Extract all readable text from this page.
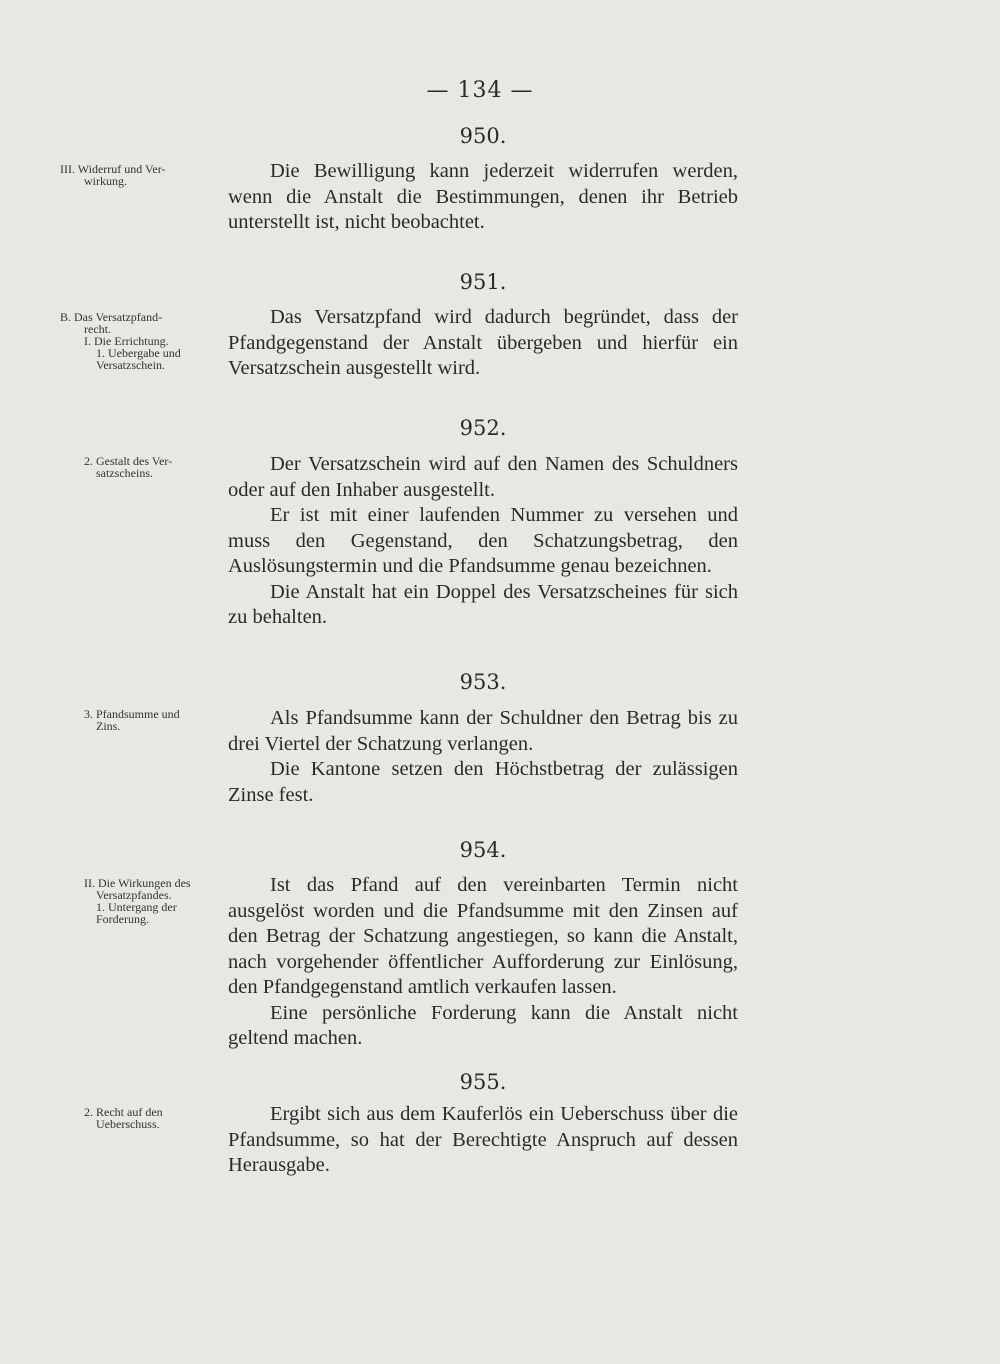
— 134 —
950.
III. Widerruf und Ver-
wirkung.	Die Bewilligung kann jederzeit widerrufen werden, wenn die Anstalt die Bestimmungen, denen ihr Betrieb unterstellt ist, nicht beobachtet.

951.
B. Das Versatzpfand-
recht.
I. Die Errichtung.
1. Uebergabe und
Versatzschein.

Das Versatzpfand wird dadurch begründet, dass der Pfandgegenstand der Anstalt übergeben und hierfür ein Versatzschein ausgestellt wird.

952.
2. Gestalt des Ver-
satzscheins.	Der Versatzschein wird auf den Namen des Schuldners oder auf den Inhaber ausgestellt.

Er ist mit einer laufenden Nummer zu versehen und muss den Gegenstand, den Schatzungsbetrag, den Auslösungstermin und die Pfandsumme genau bezeichnen.

Die Anstalt hat ein Doppel des Versatzscheines für sich zu behalten.

953.
3. Pfandsumme und
Zins.	Als Pfandsumme kann der Schuldner den Betrag bis zu drei Viertel der Schatzung verlangen.

Die Kantone setzen den Höchstbetrag der zulässigen Zinse fest.

954.
II. Die Wirkungen des
Versatzpfandes.
1. Untergang der
Forderung.

Ist das Pfand auf den vereinbarten Termin nicht ausgelöst worden und die Pfandsumme mit den Zinsen auf den Betrag der Schatzung angestiegen, so kann die Anstalt, nach vorgehender öffentlicher Aufforderung zur Einlösung, den Pfandgegenstand amtlich verkaufen lassen.

Eine persönliche Forderung kann die Anstalt nicht geltend machen.

955.
2. Recht auf den
Ueberschuss.	Ergibt sich aus dem Kauferlös ein Ueberschuss über die Pfandsumme, so hat der Berechtigte Anspruch auf dessen Herausgabe.
